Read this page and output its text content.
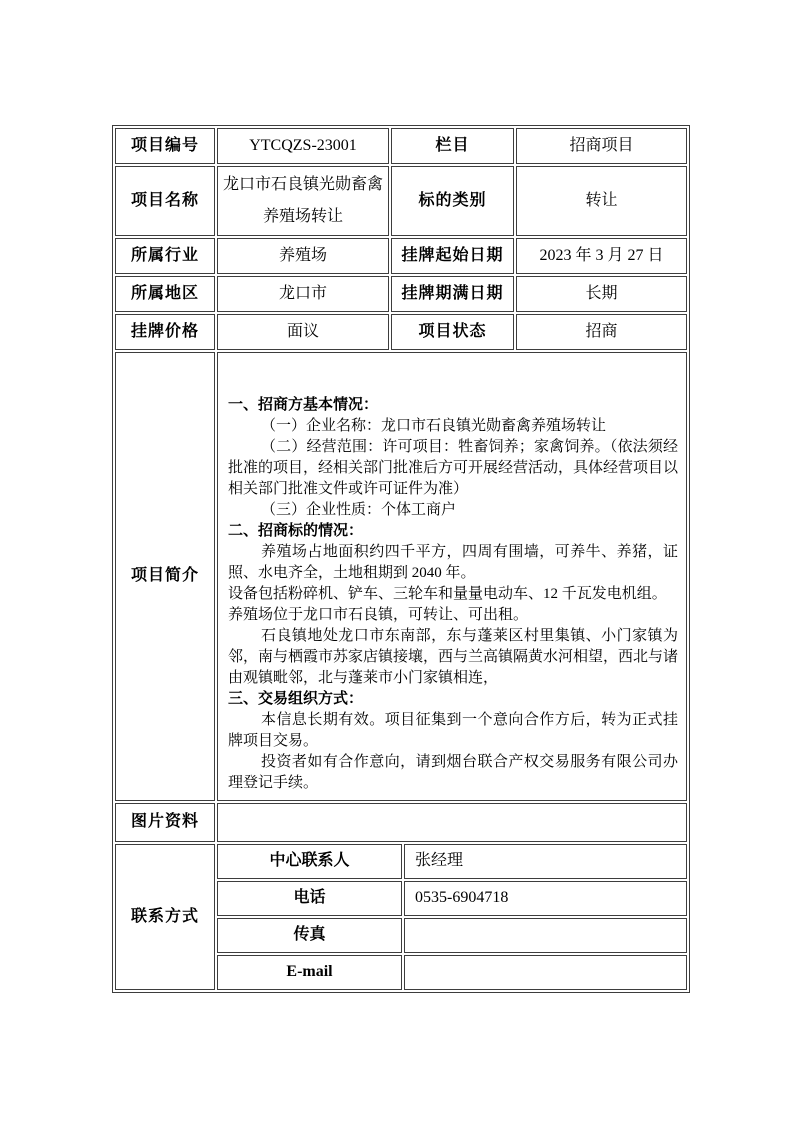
项目编号	YTCQZS-23001	栏目		招商项目
项目名称	龙口市石良镇光勋畜禽养殖场转让	标的类别		转让
所属行业	养殖场	挂牌起始日期		2023 年 3 月 27 日
所属地区	龙口市	挂牌期满日期		长期
挂牌价格	面议	项目状态		招商
项目简介	

一、招商方基本情况：

（一）企业名称：龙口市石良镇光勋畜禽养殖场转让

（二）经营范围：许可项目：牲畜饲养；家禽饲养。（依法须经批准的项目，经相关部门批准后方可开展经营活动，具体经营项目以相关部门批准文件或许可证件为准）

（三）企业性质：个体工商户

二、招商标的情况：

养殖场占地面积约四千平方，四周有围墙，可养牛、养猪，证照、水电齐全，土地租期到 2040 年。

设备包括粉碎机、铲车、三轮车和量量电动车、12 千瓦发电机组。

养殖场位于龙口市石良镇，可转让、可出租。

石良镇地处龙口市东南部，东与蓬莱区村里集镇、小门家镇为邻，南与栖霞市苏家店镇接壤，西与兰高镇隔黄水河相望，西北与诸由观镇毗邻，北与蓬莱市小门家镇相连，

三、交易组织方式：

本信息长期有效。项目征集到一个意向合作方后，转为正式挂牌项目交易。

投资者如有合作意向，请到烟台联合产权交易服务有限公司办理登记手续。

图片资料				
联系方式	中心联系人		张经理	
	电话		0535-6904718	
	传真			
	E-mail			
